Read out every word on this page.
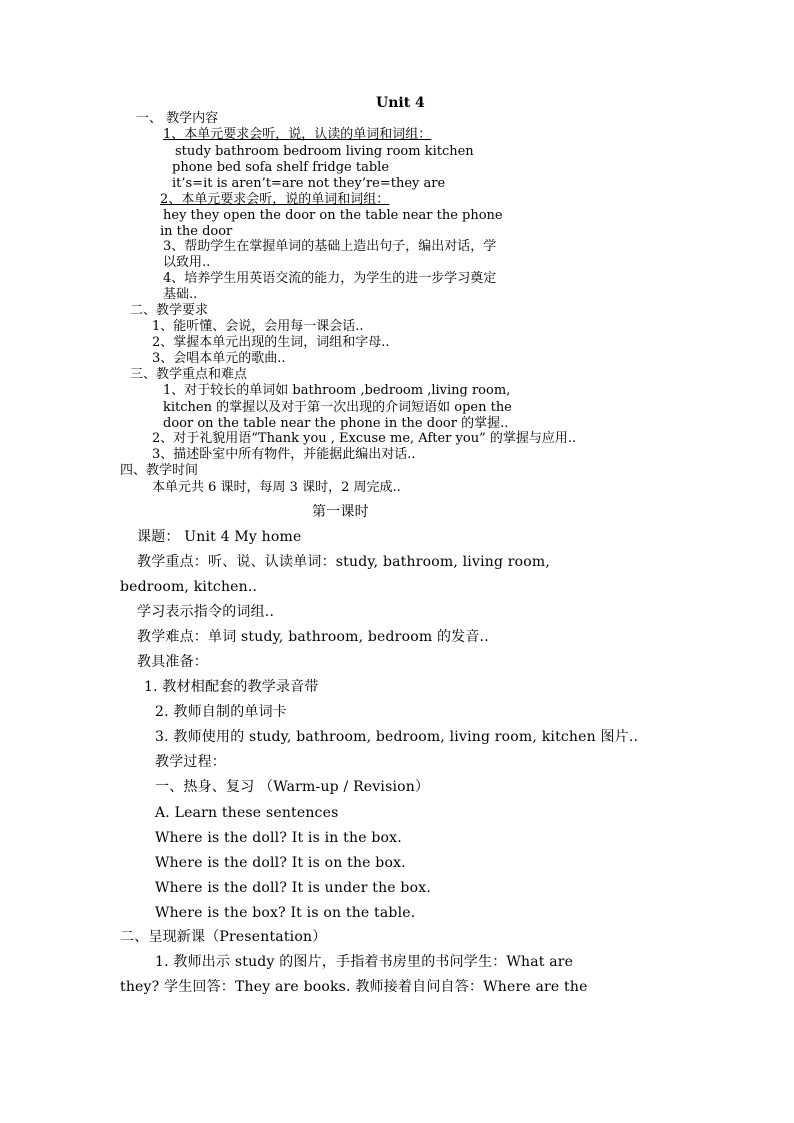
Unit 4
一、 教学内容
1、本单元要求会听，说，认读的单词和词组：
study bathroom bedroom living room kitchen
phone bed sofa shelf fridge table
it’s=it is aren’t=are not they’re=they are
2、本单元要求会听，说的单词和词组：
hey they open the door on the table near the phone
in the door
3、帮助学生在掌握单词的基础上造出句子，编出对话，学
以致用..
4、培养学生用英语交流的能力，为学生的进一步学习奠定
基础..
二、教学要求
1、能听懂、会说，会用每一课会话..
2、掌握本单元出现的生词，词组和字母..
3、会唱本单元的歌曲..
三、教学重点和难点
1、对于较长的单词如 bathroom ,bedroom ,living room,
kitchen 的掌握以及对于第一次出现的介词短语如 open the
door on the table near the phone in the door 的掌握..
2、对于礼貌用语“Thank you , Excuse me, After you” 的掌握与应用..
3、描述卧室中所有物件，并能据此编出对话..
四、教学时间
本单元共 6 课时，每周 3 课时，2 周完成..
第一课时
课题： Unit 4 My home
教学重点：听、说、认读单词：study, bathroom, living room,
bedroom, kitchen..
学习表示指令的词组..
教学难点：单词 study, bathroom, bedroom 的发音..
教具准备：
1. 教材相配套的教学录音带
2. 教师自制的单词卡
3. 教师使用的 study, bathroom, bedroom, living room, kitchen 图片..
教学过程：
一、热身、复习 （Warm-up / Revision）
A. Learn these sentences
Where is the doll? It is in the box.
Where is the doll? It is on the box.
Where is the doll? It is under the box.
Where is the box? It is on the table.
二、呈现新课（Presentation）
1. 教师出示 study 的图片，手指着书房里的书问学生：What are
they? 学生回答：They are books. 教师接着自问自答：Where are the
